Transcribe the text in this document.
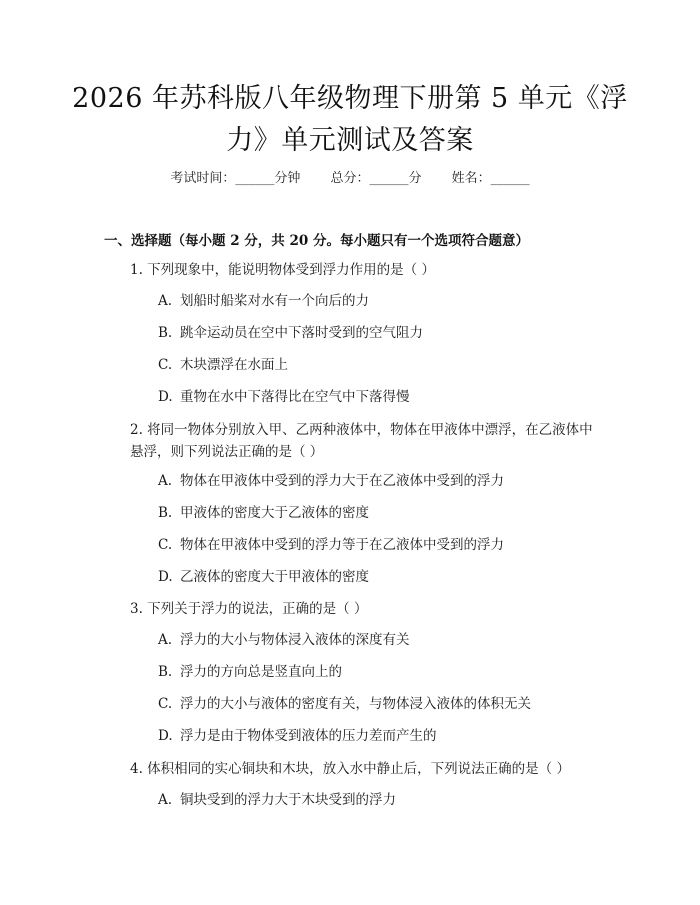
2026 年苏科版八年级物理下册第 5 单元《浮力》单元测试及答案
考试时间：______分钟 总分：______分 姓名：______
一、选择题（每小题 2 分，共 20 分。每小题只有一个选项符合题意）
1. 下列现象中，能说明物体受到浮力作用的是（ ）
A. 划船时船桨对水有一个向后的力
B. 跳伞运动员在空中下落时受到的空气阻力
C. 木块漂浮在水面上
D. 重物在水中下落得比在空气中下落得慢
2. 将同一物体分别放入甲、乙两种液体中，物体在甲液体中漂浮，在乙液体中悬浮，则下列说法正确的是（ ）
A. 物体在甲液体中受到的浮力大于在乙液体中受到的浮力
B. 甲液体的密度大于乙液体的密度
C. 物体在甲液体中受到的浮力等于在乙液体中受到的浮力
D. 乙液体的密度大于甲液体的密度
3. 下列关于浮力的说法，正确的是（ ）
A. 浮力的大小与物体浸入液体的深度有关
B. 浮力的方向总是竖直向上的
C. 浮力的大小与液体的密度有关，与物体浸入液体的体积无关
D. 浮力是由于物体受到液体的压力差而产生的
4. 体积相同的实心铜块和木块，放入水中静止后，下列说法正确的是（ ）
A. 铜块受到的浮力大于木块受到的浮力
